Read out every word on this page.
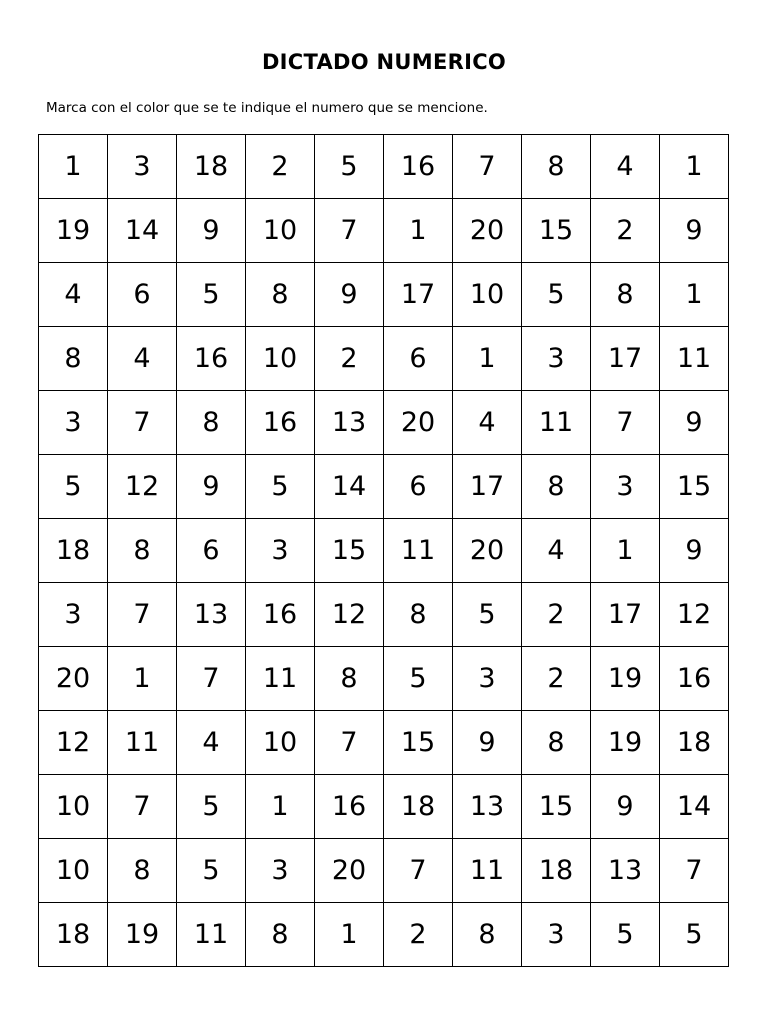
DICTADO NUMERICO
Marca con el color que se te indique el numero que se mencione.
1	3	18	2	5	16	7	8	4	1
19	14	9	10	7	1	20	15	2	9
4	6	5	8	9	17	10	5	8	1
8	4	16	10	2	6	1	3	17	11
3	7	8	16	13	20	4	11	7	9
5	12	9	5	14	6	17	8	3	15
18	8	6	3	15	11	20	4	1	9
3	7	13	16	12	8	5	2	17	12
20	1	7	11	8	5	3	2	19	16
12	11	4	10	7	15	9	8	19	18
10	7	5	1	16	18	13	15	9	14
10	8	5	3	20	7	11	18	13	7
18	19	11	8	1	2	8	3	5	5
